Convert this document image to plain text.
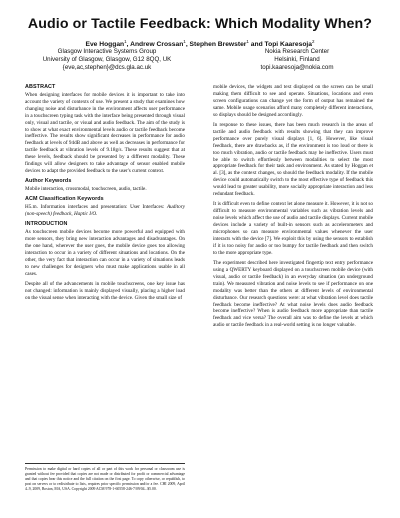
Audio or Tactile Feedback: Which Modality When?
Eve Hoggan$^1$, Andrew Crossan$^1$, Stephen Brewster$^1$ and Topi Kaaresoja$^2$
Glasgow Interactive Systems Group
University of Glasgow, Glasgow, G12 8QQ, UK
{eve,ac,stephen}@dcs.gla.ac.uk
Nokia Research Center
Helsinki, Finland
topi.kaaresoja@nokia.com
ABSTRACT
When designing interfaces for mobile devices it is important to take into account the variety of contexts of use. We present a study that examines how changing noise and disturbance in the environment affects user performance in a touchscreen typing task with the interface being presented through visual only, visual and tactile, or visual and audio feedback. The aim of the study is to show at what exact environmental levels audio or tactile feedback become ineffective. The results show significant decreases in performance for audio feedback at levels of 94dB and above as well as decreases in performance for tactile feedback at vibration levels of 9.18g/s. These results suggest that at these levels, feedback should be presented by a different modality. These findings will allow designers to take advantage of sensor enabled mobile devices to adapt the provided feedback to the user's current context.
Author Keywords
Mobile interaction, crossmodal, touchscreen, audio, tactile.
ACM Classification Keywords
H5.m. Information interfaces and presentation: User Interfaces: Auditory (non-speech) feedback, Haptic I/O.
INTRODUCTION
As touchscreen mobile devices become more powerful and equipped with more sensors, they bring new interaction advantages and disadvantages. On the one hand, wherever the user goes, the mobile device goes too allowing interaction to occur in a variety of different situations and locations. On the other, the very fact that interaction can occur in a variety of situations leads to new challenges for designers who must make applications usable in all cases.
Despite all of the advancements in mobile touchscreens, one key issue has not changed: information is mainly displayed visually, placing a higher load on the visual sense when interacting with the device. Given the small size of
Permission to make digital or hard copies of all or part of this work for personal or classroom use is granted without fee provided that copies are not made or distributed for profit or commercial advantage and that copies bear this notice and the full citation on the first page. To copy otherwise, or republish, to post on servers or to redistribute to lists, requires prior specific permission and/or a fee. CHI 2009, April 4–9, 2009, Boston, MA, USA. Copyright 2009 ACM 978-1-60558-246-7/09/04...$5.00.
mobile devices, the widgets and text displayed on the screen can be small making them difficult to see and operate. Situations, locations and even screen configurations can change yet the form of output has remained the same. Mobile usage scenarios afford many completely different interactions, so displays should be designed accordingly.
In response to these issues, there has been much research in the areas of tactile and audio feedback with results showing that they can improve performance over purely visual displays [1, 6]. However, like visual feedback, there are drawbacks as, if the environment is too loud or there is too much vibration, audio or tactile feedback may be ineffective. Users must be able to switch effortlessly between modalities to select the most appropriate feedback for their task and environment. As stated by Hoggan et al. [3], as the context changes, so should the feedback modality. If the mobile device could automatically switch to the most effective type of feedback this would lead to greater usability, more socially appropriate interaction and less redundant feedback.
It is difficult even to define context let alone measure it. However, it is not so difficult to measure environmental variables such as vibration levels and noise levels which affect the use of audio and tactile displays. Current mobile devices include a variety of built-in sensors such as accelerometers and microphones so can measure environmental values whenever the user interacts with the device [7]. We exploit this by using the sensors to establish if it is too noisy for audio or too bumpy for tactile feedback and then switch to the more appropriate type.
The experiment described here investigated fingertip text entry performance using a QWERTY keyboard displayed on a touchscreen mobile device (with visual, audio or tactile feedback) in an everyday situation (an underground train). We measured vibration and noise levels to see if performance on one modality was better than the others at different levels of environmental disturbance. Our research questions were: at what vibration level does tactile feedback become ineffective? At what noise levels does audio feedback become ineffective? When is audio feedback more appropriate than tactile feedback and vice versa? The overall aim was to define the levels at which audio or tactile feedback in a real-world setting is no longer valuable.
